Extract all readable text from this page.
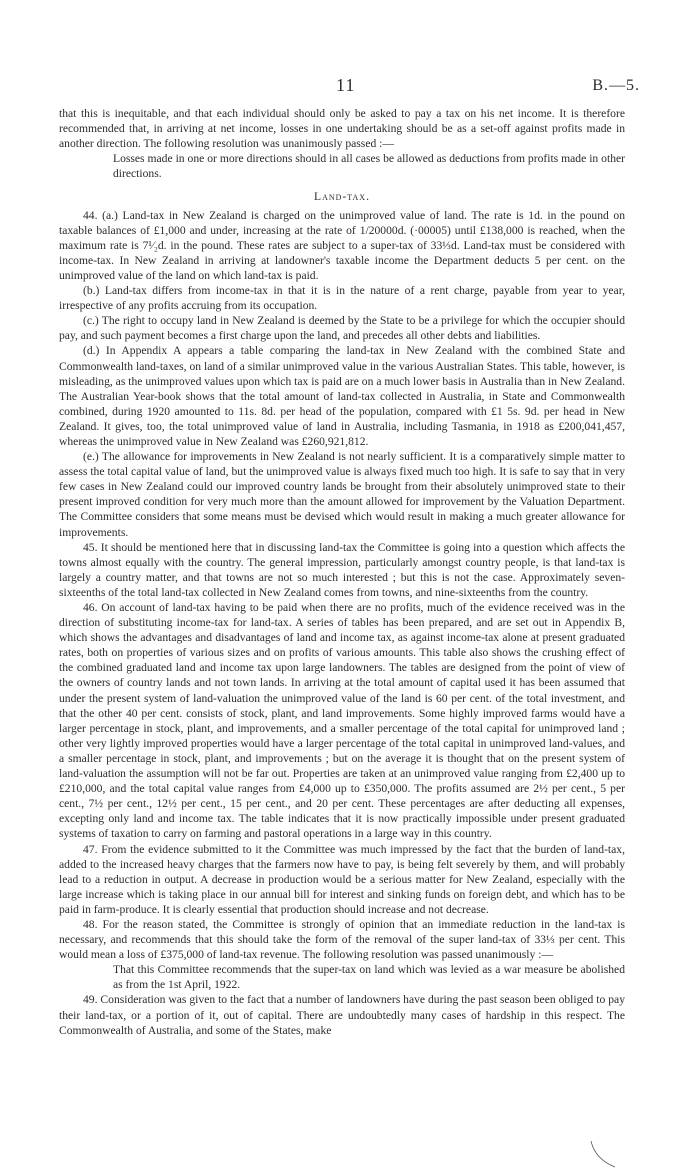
11	B.—5.

that this is inequitable, and that each individual should only be asked to pay a tax on his net income. It is therefore recommended that, in arriving at net income, losses in one undertaking should be as a set-off against profits made in another direction. The following resolution was unanimously passed :—

Losses made in one or more directions should in all cases be allowed as deductions from profits made in other directions.

Land-tax.

44. (a.) Land-tax in New Zealand is charged on the unimproved value of land. The rate is 1d. in the pound on taxable balances of £1,000 and under, increasing at the rate of 1/20000d. (·00005) until £138,000 is reached, when the maximum rate is 7¹⁄₂d. in the pound. These rates are subject to a super-tax of 33⅓d. Land-tax must be considered with income-tax. In New Zealand in arriving at landowner's taxable income the Department deducts 5 per cent. on the unimproved value of the land on which land-tax is paid.

(b.) Land-tax differs from income-tax in that it is in the nature of a rent charge, payable from year to year, irrespective of any profits accruing from its occupation.

(c.) The right to occupy land in New Zealand is deemed by the State to be a privilege for which the occupier should pay, and such payment becomes a first charge upon the land, and precedes all other debts and liabilities.

(d.) In Appendix A appears a table comparing the land-tax in New Zealand with the combined State and Commonwealth land-taxes, on land of a similar unimproved value in the various Australian States. This table, however, is misleading, as the unimproved values upon which tax is paid are on a much lower basis in Australia than in New Zealand. The Australian Year-book shows that the total amount of land-tax collected in Australia, in State and Commonwealth combined, during 1920 amounted to 11s. 8d. per head of the population, compared with £1 5s. 9d. per head in New Zealand. It gives, too, the total unimproved value of land in Australia, including Tasmania, in 1918 as £200,041,457, whereas the unimproved value in New Zealand was £260,921,812.

(e.) The allowance for improvements in New Zealand is not nearly sufficient. It is a comparatively simple matter to assess the total capital value of land, but the unimproved value is always fixed much too high. It is safe to say that in very few cases in New Zealand could our improved country lands be brought from their absolutely unimproved state to their present improved condition for very much more than the amount allowed for improvement by the Valuation Department. The Committee considers that some means must be devised which would result in making a much greater allowance for improvements.

45. It should be mentioned here that in discussing land-tax the Committee is going into a question which affects the towns almost equally with the country. The general impression, particularly amongst country people, is that land-tax is largely a country matter, and that towns are not so much interested ; but this is not the case. Approximately seven-sixteenths of the total land-tax collected in New Zealand comes from towns, and nine-sixteenths from the country.

46. On account of land-tax having to be paid when there are no profits, much of the evidence received was in the direction of substituting income-tax for land-tax. A series of tables has been prepared, and are set out in Appendix B, which shows the advantages and disadvantages of land and income tax, as against income-tax alone at present graduated rates, both on properties of various sizes and on profits of various amounts. This table also shows the crushing effect of the combined graduated land and income tax upon large landowners. The tables are designed from the point of view of the owners of country lands and not town lands. In arriving at the total amount of capital used it has been assumed that under the present system of land-valuation the unimproved value of the land is 60 per cent. of the total investment, and that the other 40 per cent. consists of stock, plant, and land improvements. Some highly improved farms would have a larger percentage in stock, plant, and improvements, and a smaller percentage of the total capital for unimproved land ; other very lightly improved properties would have a larger percentage of the total capital in unimproved land-values, and a smaller percentage in stock, plant, and improvements ; but on the average it is thought that on the present system of land-valuation the assumption will not be far out. Properties are taken at an unimproved value ranging from £2,400 up to £210,000, and the total capital value ranges from £4,000 up to £350,000. The profits assumed are 2½ per cent., 5 per cent., 7½ per cent., 12½ per cent., 15 per cent., and 20 per cent. These percentages are after deducting all expenses, excepting only land and income tax. The table indicates that it is now practically impossible under present graduated systems of taxation to carry on farming and pastoral operations in a large way in this country.

47. From the evidence submitted to it the Committee was much impressed by the fact that the burden of land-tax, added to the increased heavy charges that the farmers now have to pay, is being felt severely by them, and will probably lead to a reduction in output. A decrease in production would be a serious matter for New Zealand, especially with the large increase which is taking place in our annual bill for interest and sinking funds on foreign debt, and which has to be paid in farm-produce. It is clearly essential that production should increase and not decrease.

48. For the reason stated, the Committee is strongly of opinion that an immediate reduction in the land-tax is necessary, and recommends that this should take the form of the removal of the super land-tax of 33⅓ per cent. This would mean a loss of £375,000 of land-tax revenue. The following resolution was passed unanimously :—

That this Committee recommends that the super-tax on land which was levied as a war measure be abolished as from the 1st April, 1922.

49. Consideration was given to the fact that a number of landowners have during the past season been obliged to pay their land-tax, or a portion of it, out of capital. There are undoubtedly many cases of hardship in this respect. The Commonwealth of Australia, and some of the States, make
